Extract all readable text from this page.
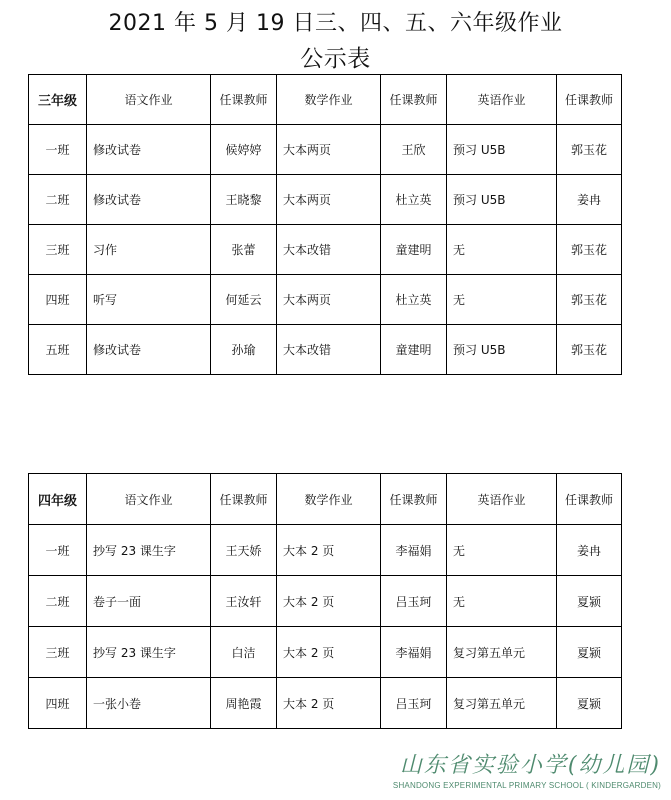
2021 年 5 月 19 日三、四、五、六年级作业
公示表
三年级	语文作业	任课教师	数学作业	任课教师	英语作业	任课教师
一班	修改试卷	候婷婷	大本两页	王欣	预习 U5B	郭玉花
二班	修改试卷	王晓黎	大本两页	杜立英	预习 U5B	姜冉
三班	习作	张蕾	大本改错	童建明	无	郭玉花
四班	听写	何延云	大本两页	杜立英	无	郭玉花
五班	修改试卷	孙瑜	大本改错	童建明	预习 U5B	郭玉花
四年级	语文作业	任课教师	数学作业	任课教师	英语作业	任课教师
一班	抄写 23 课生字	王天娇	大本 2 页	李福娟	无	姜冉
二班	卷子一面	王汝轩	大本 2 页	吕玉珂	无	夏颍
三班	抄写 23 课生字	白洁	大本 2 页	李福娟	复习第五单元	夏颍
四班	一张小卷	周艳霞	大本 2 页	吕玉珂	复习第五单元	夏颍
山东省实验小学(幼儿园)
SHANDONG EXPERIMENTAL PRIMARY SCHOOL ( KINDERGARDEN)
